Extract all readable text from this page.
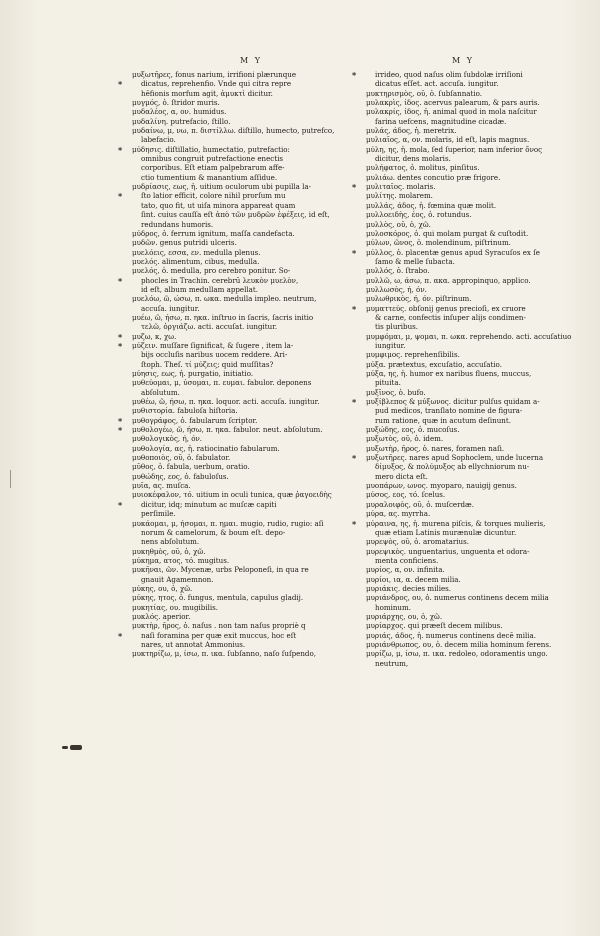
M Y	M Y
μυξωτῆρες, fonus narium, irrifioni plærunque
*	dicatus, reprehenfio. Vnde qui citra repre
hēfionis morfum agit, ἀμυκτὶ dicitur.
μυγμός, ὁ. ſtridor muris.
μυδαλέος, α, ον. humidus.
μυδαλίνη. putrefacio, ſtillo.
μυδαίνω, μ, νω, π. διστίλλω. diſtillo, humecto, putrefco,
labefacio.
* μύδησις. diſtillatio, humectatio, putrefactio:
omnibus congruit putrefactione enectis
corporibus. Eſt etiam palpebrarum affe-
ctio tumentium & manantium aſſidue.
μυδρίασις, εως, ἡ. uitium oculorum ubi pupilla la-
*	ſto latior efficit, colore nihil prorſum mu
tato, quo fit, ut uiſa minora appareat quam
ſint. cuius cauſſa eſt ἀπὸ τῶν μυδρῶν ἐφέξεις, id eſt,
redundans humoris.
μύδρος, ὁ. ferrum ignitum, maſſa candefacta.
μυδῶν. genus putridi ulceris.
μυελόεις, εσσα, εν. medulla plenus.
μυελός. alimentum, cibus, medulla.
μυελός, ὁ. medulla, pro cerebro ponitur. So-
*	phocles in Trachin. cerebrū λευκὸν μυελὸν,
id eſt, album medullam appellat.
μυελόω, ῶ, ώσω, π. ωκα. medulla impleo. neutrum,
accuſa. iungitur.
μυέω, ῶ, ήσω, π. ηκα. inſtruo in ſacris, ſacris initio
τελῶ, ὀργιάζω. acti. accuſat. iungitur.
* μυζω, κ, χω.
* μύζειν. muſſare ſignificat, & ſugere , item la-
bijs occluſis naribus uocem reddere. Ari-
ſtoph. Theſ. τί μύζεις; quid muſſitas?
μύησις, εως, ἡ. purgatio, initiatio.
μυθεύομαι, μ, ύσομαι, π. ευμαι. fabulor. deponens
abſolutum.
μυθέω, ῶ, ήσω, π. ηκα. loquor. acti. accuſa. iungitur.
μυθιστορία. fabuloſa hiſtoria.
* μυθογράφος, ὁ. fabularum ſcriptor.
* μυθολογέω, ῶ, ήσω, π. ηκα. fabulor. neut. abſolutum.
μυθολογικὸς, ή, όν.
μυθολογία, ας, ἡ. ratiocinatio fabularum.
μυθοποιὸς, οῦ, ὁ. fabulator.
μῦθος, ὁ. fabula, uerbum, oratio.
μυθώδης, εος, ὁ. fabuloſus.
μυῖα, ας. muſca.
μυιοκέφαλον, τό. uitium in oculi tunica, quæ ῥαγοειδὴς
*	dicitur, idq; minutum ac muſcæ capiti
perſimile.
μυκάομαι, μ, ήσομαι, π. ημαι. mugio, rudio, rugio: aſi
norum & camelorum, & boum eſt. depo-
nens abſolutum.
μυκηθμὸς, οῦ, ὁ, χῶ.
μύκημα, ατος, τό. mugitus.
μυκῆναι, ῶν. Mycenæ, urbs Peloponeſi, in qua re
gnauit Agamemnon.
μύκης, ου, ὁ, χῶ.
μύκης, ητος, ὁ. fungus, mentula, capulus gladij.
μυκητίας, ου. mugibilis.
μυκλός. aperior.
μυκτὴρ, ῆρος, ὁ. naſus . non tam naſus propriè q
*	naſi foramina per quæ exit muccus, hoc eſt
nares, ut annotat Ammonius.
μυκτηρίζω, μ, ίσω, π. ικα. ſubſanno, naſo ſuſpendo,
*	irrideo, quod naſus olim ſubdolæ irriſioni
dicatus eſſet. act. accuſa. iungitur.
μυκτηρισμὸς, οῦ, ὁ. ſubſannatio.
μυλακρὶς, ίδος. acervus palearum, & pars auris.
μυλακρίς, ίδος, ἡ. animal quod in mola naſcitur
farina uefcens, magnitudine cicadæ.
μυλάς, άδος, ἡ. meretrix.
μυλιαῖος, α, ον. molaris, id eſt, lapis magnus.
μύλη, ης, ἡ. mola, ſed ſuperior, nam inferior ὄνος
dicitur, dens molaris.
μυλήφατος, ὁ. molitus, pinſitus.
μυλιάω. dentes concutio præ frigore.
* μυλιταῖος. molaris.
μυλίτης. molarem.
μυλλάς, άδος, ἡ. fœmina quæ molit.
μυλλοειδὴς, έος, ὁ. rotundus.
μυλλὸς, οῦ, ὁ, χῶ.
μυλοσκόρος, ὁ. qui molam purgat & cuſtodit.
μύλων, ῶνος, ὁ. molendinum, piſtrinum.
* μύλλος, ὁ. placentæ genus apud Syracuſos ex ſe
ſamo & melle ſubacta.
μυλλός, ὁ. ſtrabo.
μυλλῶ, ω, άσω, π. ακα. appropinquo, applico.
μυλλωσὸς, ή, όν.
μυλωθρικὸς, ή, όν. piſtrinum.
* μυματτεύς. obſonij genus precioſi, ex cruore
& carne, confectis inſuper alijs condimen-
tis pluribus.
μυμφόμαι, μ, ψομαι, π. ωκα. reprehendo. acti. accuſatiuo
iungitur.
μυμφιμος. reprehenſibilis.
μύξα. prætextus, excuſatio, accuſatio.
μύξα, ης, ἡ. humor ex naribus fluens, muccus,
pituita.
μυξῖνος, ὁ. bufo.
* μυξίβλεπος & μύξωνος. dicitur pulſus quidam a-
pud medicos, tranſlato nomine de figura-
rum ratione, quæ in acutum deſinunt.
μυξώδης, εος, ὁ. mucoſus.
μυξωτὸς, οῦ, ὁ. idem.
μυξωτὴρ, ῆρος, ὁ. nares, foramen naſi.
* μυξωτῆρες. nares apud Sophoclem, unde lucerna
δίμυξος, & πολύμυξος ab ellychniorum nu-
mero dicta eſt.
μυοπάρων, ωνος. myoparo, nauigij genus.
μύσος, εος, τό. ſcelus.
μυραλοιφὸς, οῦ, ὁ. muſcerdæ.
μύρα, ας. myrrha.
* μύραινα, ης, ἡ. murena piſcis, & torques mulieris,
quæ etiam Latinis murænulæ dicuntur.
μυρεψὸς, οῦ, ὁ. aromatarius.
μυρεψικὸς. unguentarius, unguenta et odora-
menta conficiens.
μυρίος, α, ον. infinita.
μυρίοι, ια, α. decem milia.
μυριάκις. decies milies.
μυριάνδρος, ου, ὁ. numerus continens decem milia
hominum.
μυριάρχης, ου, ὁ, χῶ.
μυρίαρχος. qui præeſt decem milibus.
μυριάς, άδος, ἡ. numerus continens decē milia.
μυριάνθρωπος, ου, ὁ. decem milia hominum ferens.
μυρίζω, μ, ίσω, π. ικα. redoleo, odoramentis ungo.
neutrum,
